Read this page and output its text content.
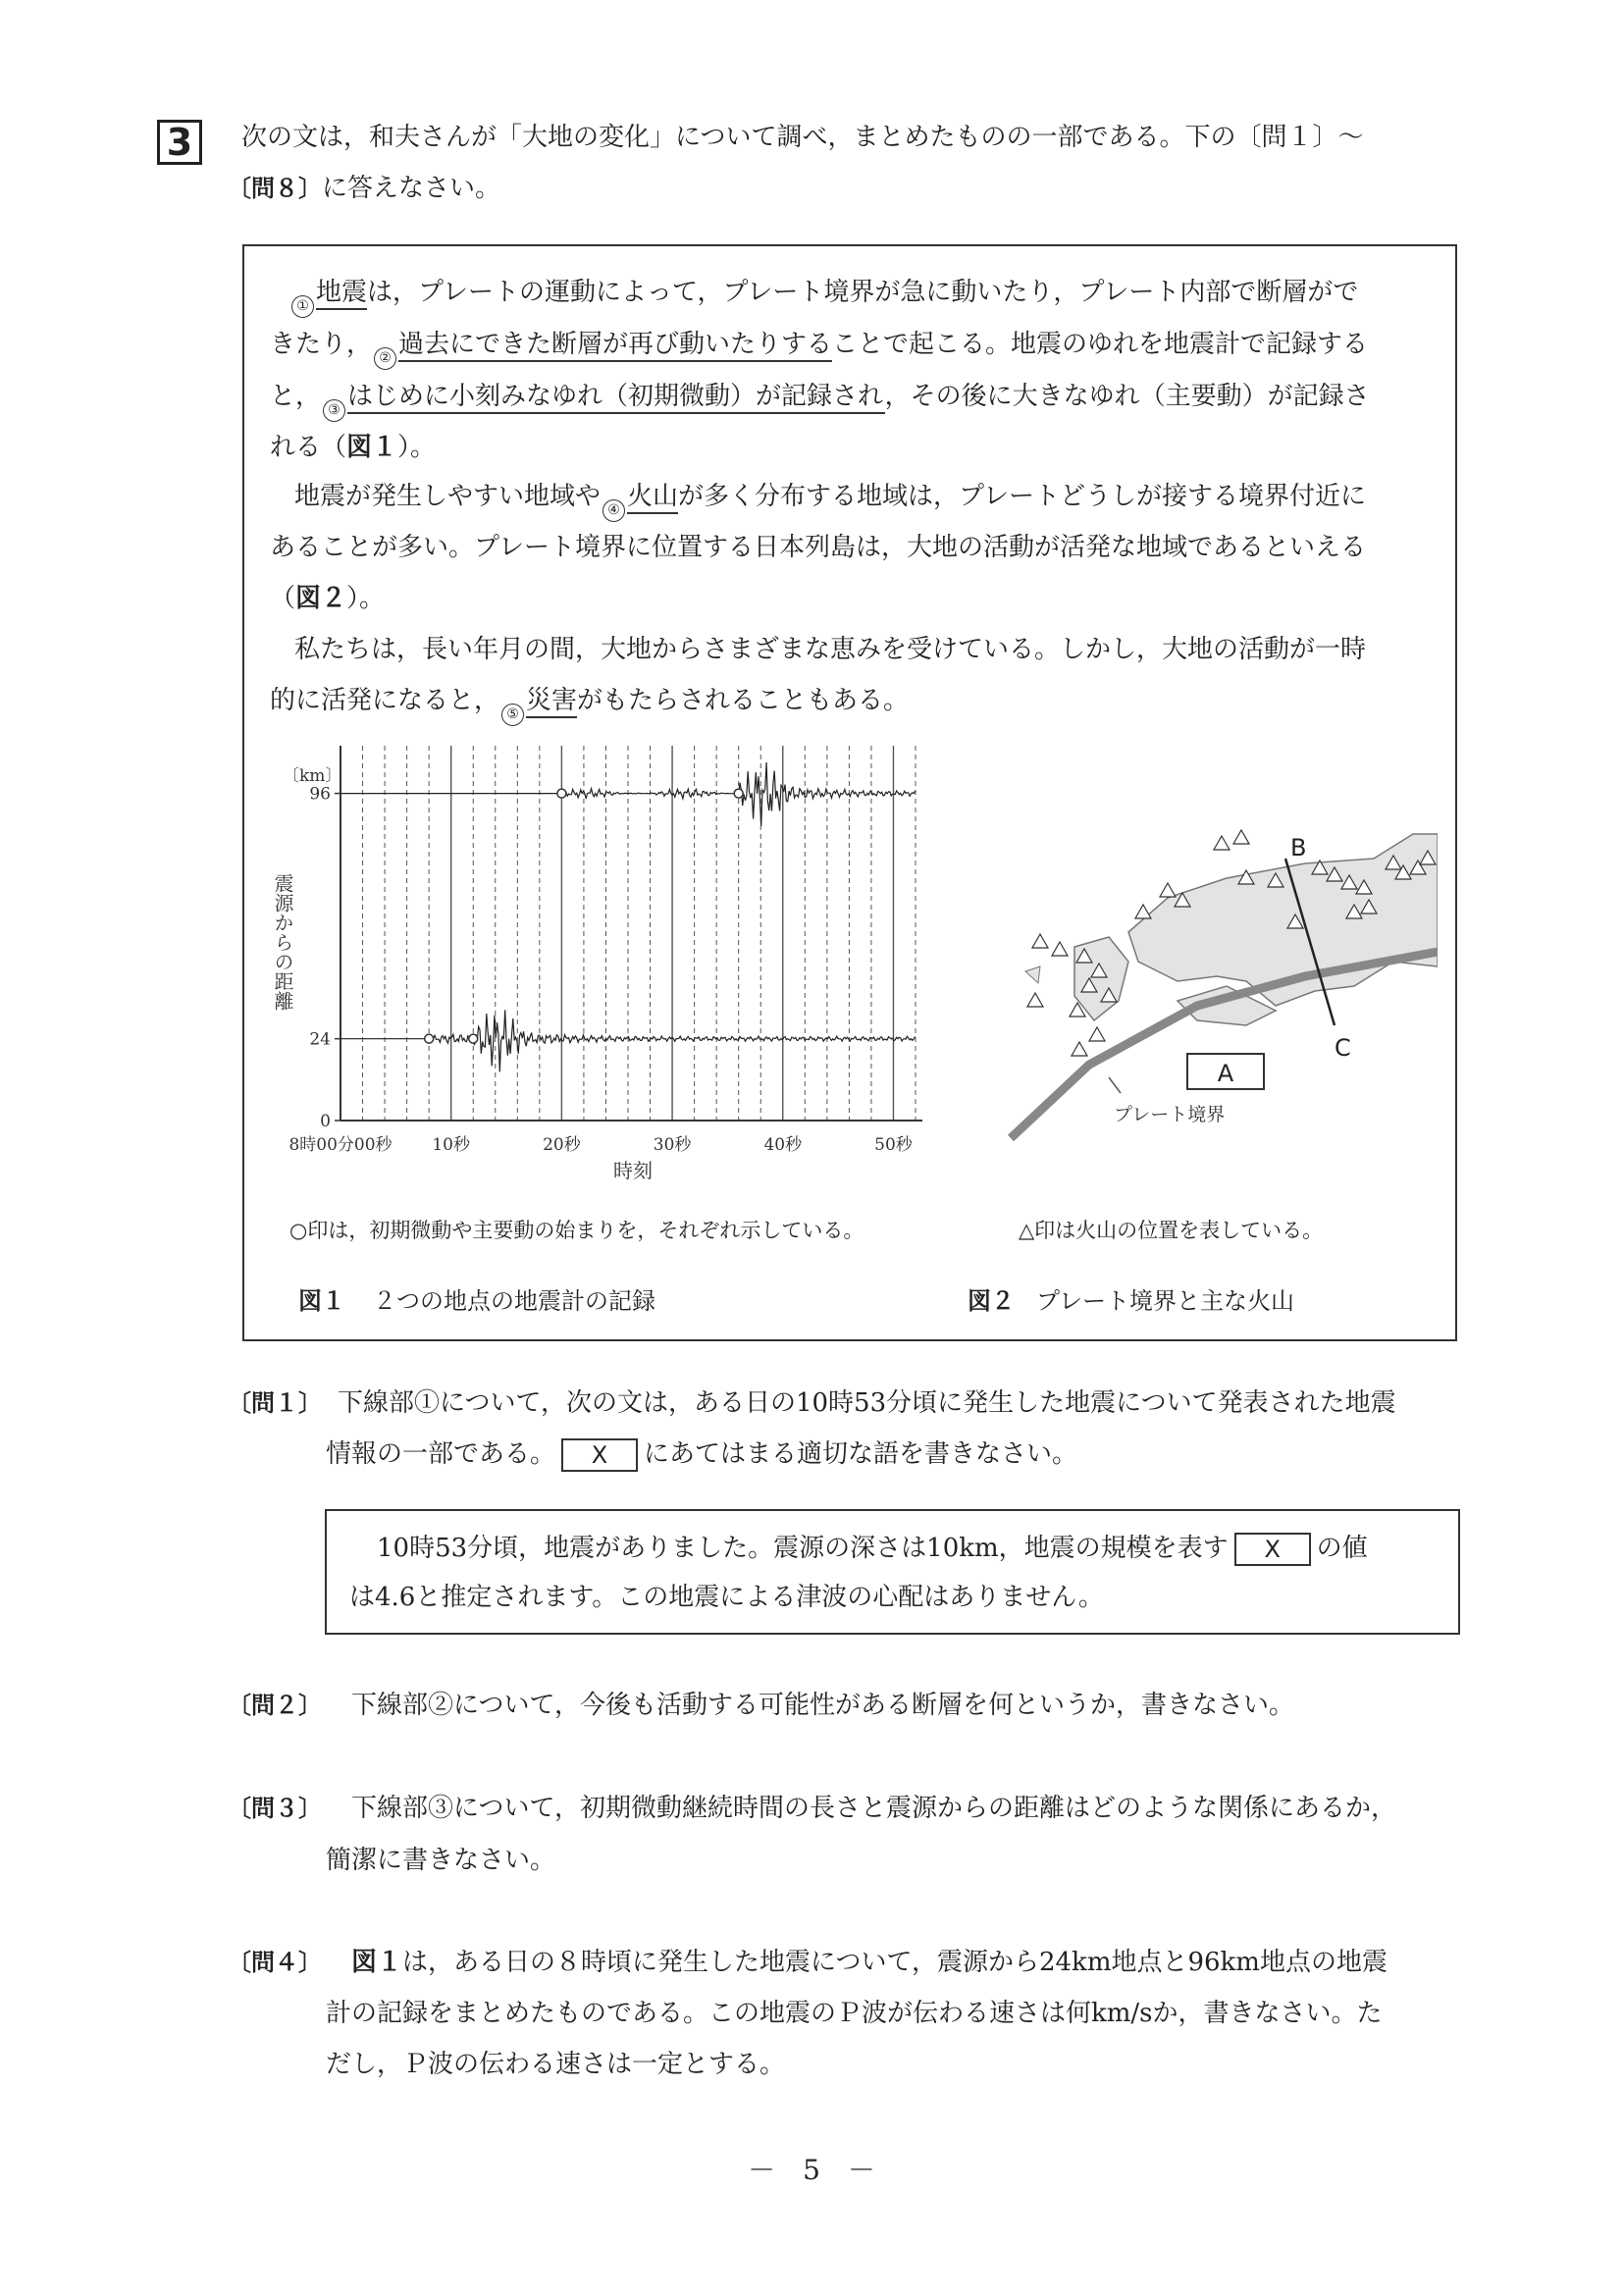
3 次の文は，和夫さんが「大地の変化」について調べ，まとめたものの一部である。下の〔問１〕～
〔問８〕に答えなさい。
① 地震は，プレートの運動によって，プレート境界が急に動いたり，プレート内部で断層がで
きたり， ② 過去にできた断層が再び動いたりすることで起こる。地震のゆれを地震計で記録する
と， ③ はじめに小刻みなゆれ（初期微動）が記録され，その後に大きなゆれ（主要動）が記録さ
れる（図１）。
地震が発生しやすい地域や ④ 火山が多く分布する地域は，プレートどうしが接する境界付近に
あることが多い。プレート境界に位置する日本列島は，大地の活動が活発な地域であるといえる
（図２）。
私たちは，長い年月の間，大地からさまざまな恵みを受けている。しかし，大地の活動が一時
的に活発になると， ⑤ 災害がもたらされることもある。
〔km〕
震源からの距離
0
24
96
8時00分00秒 10秒	20秒	30秒	40秒	50秒
時刻
○印は，初期微動や主要動の始まりを，それぞれ示している。
図１ ２つの地点の地震計の記録
A
B
C
プレート境界
△印は火山の位置を表している。
図２ プレート境界と主な火山
〔問１〕 下線部①について，次の文は，ある日の10時53分頃に発生した地震について発表された地震
情報の一部である。 X にあてはまる適切な語を書きなさい。
10時53分頃，地震がありました。震源の深さは10km，地震の規模を表す X の値
は4.6と推定されます。この地震による津波の心配はありません。
〔問２〕 下線部②について，今後も活動する可能性がある断層を何というか，書きなさい。
〔問３〕 下線部③について，初期微動継続時間の長さと震源からの距離はどのような関係にあるか，
簡潔に書きなさい。
〔問４〕 図１は，ある日の８時頃に発生した地震について，震源から24km地点と96km地点の地震
計の記録をまとめたものである。この地震のＰ波が伝わる速さは何km/sか，書きなさい。た
だし，Ｐ波の伝わる速さは一定とする。
－　5　－
